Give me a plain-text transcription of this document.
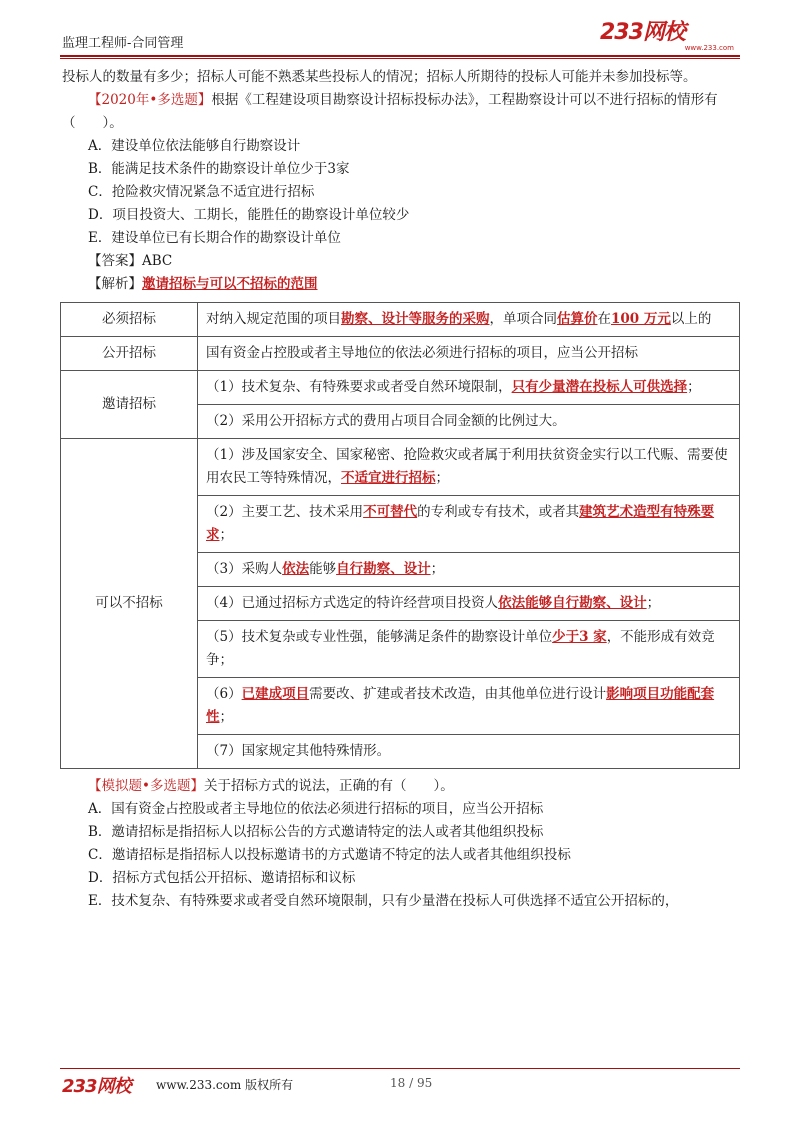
监理工程师-合同管理	233网校
www.233.com

投标人的数量有多少；招标人可能不熟悉某些投标人的情况；招标人所期待的投标人可能并未参加投标等。

【2020年•多选题】根据《工程建设项目勘察设计招标投标办法》，工程勘察设计可以不进行招标的情形有（　　）。

A．建设单位依法能够自行勘察设计

B．能满足技术条件的勘察设计单位少于3家

C．抢险救灾情况紧急不适宜进行招标

D．项目投资大、工期长，能胜任的勘察设计单位较少

E．建设单位已有长期合作的勘察设计单位

【答案】ABC

【解析】邀请招标与可以不招标的范围

必须招标	对纳入规定范围的项目勘察、设计等服务的采购，单项合同估算价在100 万元以上的
公开招标	国有资金占控股或者主导地位的依法必须进行招标的项目，应当公开招标
邀请招标	（1）技术复杂、有特殊要求或者受自然环境限制，只有少量潜在投标人可供选择；
	（2）采用公开招标方式的费用占项目合同金额的比例过大。
可以不招标	（1）涉及国家安全、国家秘密、抢险救灾或者属于利用扶贫资金实行以工代赈、需要使用农民工等特殊情况，不适宜进行招标；
	（2）主要工艺、技术采用不可替代的专利或专有技术，或者其建筑艺术造型有特殊要求；
	（3）采购人依法能够自行勘察、设计；
	（4）已通过招标方式选定的特许经营项目投资人依法能够自行勘察、设计；
	（5）技术复杂或专业性强，能够满足条件的勘察设计单位少于3 家，不能形成有效竞争；
	（6）已建成项目需要改、扩建或者技术改造，由其他单位进行设计影响项目功能配套性；
	（7）国家规定其他特殊情形。

【模拟题•多选题】关于招标方式的说法，正确的有（　　）。

A．国有资金占控股或者主导地位的依法必须进行招标的项目，应当公开招标

B．邀请招标是指招标人以招标公告的方式邀请特定的法人或者其他组织投标

C．邀请招标是指招标人以投标邀请书的方式邀请不特定的法人或者其他组织投标

D．招标方式包括公开招标、邀请招标和议标

E．技术复杂、有特殊要求或者受自然环境限制，只有少量潜在投标人可供选择不适宜公开招标的，

233网校 www.233.com 版权所有	18 / 95
